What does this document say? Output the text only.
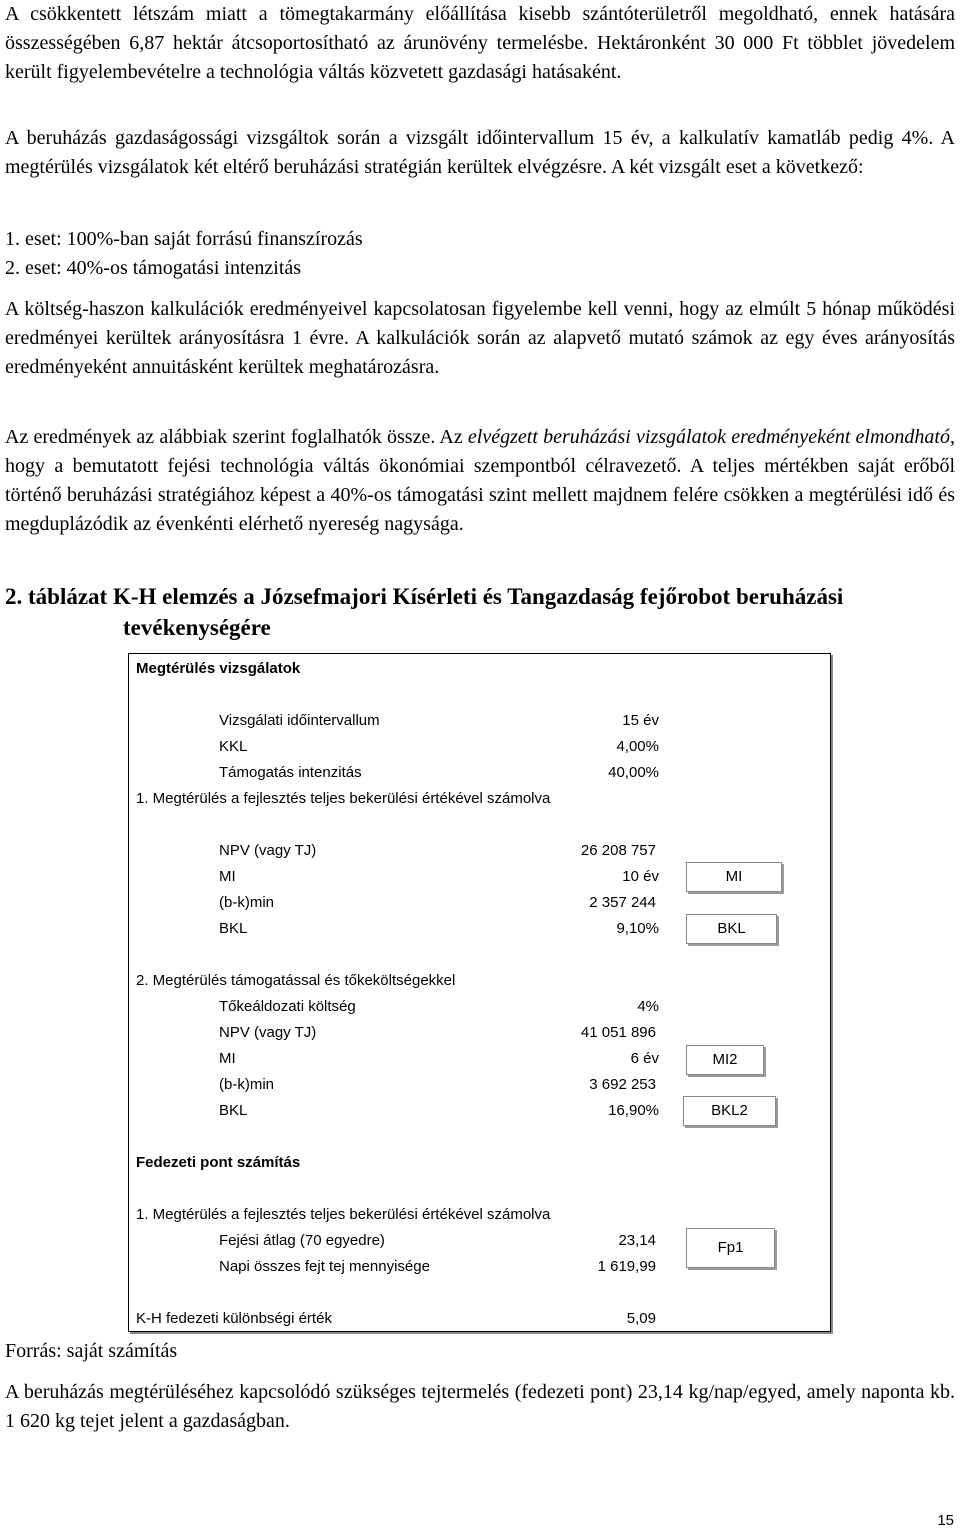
A csökkentett létszám miatt a tömegtakarmány előállítása kisebb szántóterületről megoldható, ennek hatására összességében 6,87 hektár átcsoportosítható az árunövény termelésbe. Hektáronként 30 000 Ft többlet jövedelem került figyelembevételre a technológia váltás közvetett gazdasági hatásaként.

A beruházás gazdaságossági vizsgáltok során a vizsgált időintervallum 15 év, a kalkulatív kamatláb pedig 4%. A megtérülés vizsgálatok két eltérő beruházási stratégián kerültek elvégzésre. A két vizsgált eset a következő:

1. eset: 100%-ban saját forrású finanszírozás
2. eset: 40%-os támogatási intenzitás

A költség-haszon kalkulációk eredményeivel kapcsolatosan figyelembe kell venni, hogy az elmúlt 5 hónap működési eredményei kerültek arányosításra 1 évre. A kalkulációk során az alapvető mutató számok az egy éves arányosítás eredményeként annuitásként kerültek meghatározásra.

Az eredmények az alábbiak szerint foglalhatók össze. Az elvégzett beruházási vizsgálatok eredményeként elmondható, hogy a bemutatott fejési technológia váltás ökonómiai szempontból célravezető. A teljes mértékben saját erőből történő beruházási stratégiához képest a 40%-os támogatási szint mellett majdnem felére csökken a megtérülési idő és megduplázódik az évenkénti elérhető nyereség nagysága.

2. táblázat K-H elemzés a Józsefmajori Kísérleti és Tangazdaság fejőrobot beruházási
tevékenységére

Megtérülés vizsgálatok
Vizsgálati időintervallum	15 év
KKL	4,00%
Támogatás intenzitás	40,00%
1. Megtérülés a fejlesztés teljes bekerülési értékével számolva
NPV (vagy TJ)	26 208 757
MI	10 év
(b-k)min	2 357 244
BKL	9,10%
MI
BKL
2. Megtérülés támogatással és tőkeköltségekkel
Tőkeáldozati költség	4%
NPV (vagy TJ)	41 051 896
MI	6 év
(b-k)min	3 692 253
BKL	16,90%
MI2
BKL2
Fedezeti pont számítás
1. Megtérülés a fejlesztés teljes bekerülési értékével számolva
Fejési átlag (70 egyedre)	23,14
Napi összes fejt tej mennyisége	1 619,99
Fp1
K-H fedezeti különbségi érték	5,09
Forrás: saját számítás

A beruházás megtérüléséhez kapcsolódó szükséges tejtermelés (fedezeti pont) 23,14 kg/nap/egyed, amely naponta kb. 1 620 kg tejet jelent a gazdaságban.

15
